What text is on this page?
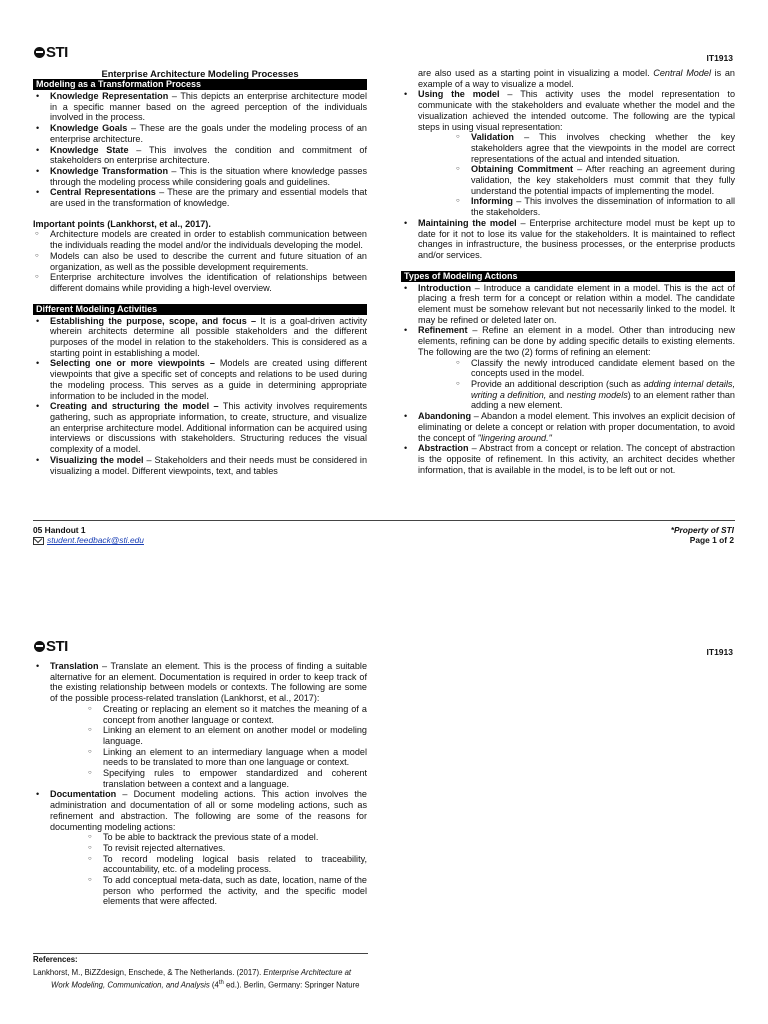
STI	IT1913
Enterprise Architecture Modeling Processes
Modeling as a Transformation Process
• Knowledge Representation – This depicts an enterprise architecture model in a specific manner based on the agreed perception of the individuals involved in the process.
• Knowledge Goals – These are the goals under the modeling process of an enterprise architecture.
• Knowledge State – This involves the condition and commitment of stakeholders on enterprise architecture.
• Knowledge Transformation – This is the situation where knowledge passes through the modeling process while considering goals and guidelines.
• Central Representations – These are the primary and essential models that are used in the transformation of knowledge.

Important points (Lankhorst, et al., 2017).

○ Architecture models are created in order to establish communication between the individuals reading the model and/or the individuals developing the model.
○ Models can also be used to describe the current and future situation of an organization, as well as the possible development requirements.
○ Enterprise architecture involves the identification of relationships between different domains while providing a high-level overview.
Different Modeling Activities
• Establishing the purpose, scope, and focus – It is a goal-driven activity wherein architects determine all possible stakeholders and the different purposes of the model in relation to the stakeholders. This is considered as a starting point in establishing a model.
• Selecting one or more viewpoints – Models are created using different viewpoints that give a specific set of concepts and relations to be used during the modeling process. This serves as a guide in determining appropriate information to be included in the model.
• Creating and structuring the model – This activity involves requirements gathering, such as appropriate information, to create, structure, and visualize an enterprise architecture model. Additional information can be acquired using interviews or discussions with stakeholders. Structuring reduces the visual complexity of a model.
• Visualizing the model – Stakeholders and their needs must be considered in visualizing a model. Different viewpoints, text, and tables

are also used as a starting point in visualizing a model. Central Model is an example of a way to visualize a model.

• Using the model – This activity uses the model representation to communicate with the stakeholders and evaluate whether the model and the visualization achieved the intended outcome. The following are the typical steps in using visual representation:
○ Validation – This involves checking whether the key stakeholders agree that the viewpoints in the model are correct representations of the actual and intended situation.
○ Obtaining Commitment – After reaching an agreement during validation, the key stakeholders must commit that they fully understand the potential impacts of implementing the model.
○ Informing – This involves the dissemination of information to all the stakeholders.
• Maintaining the model – Enterprise architecture model must be kept up to date for it not to lose its value for the stakeholders. It is maintained to reflect changes in infrastructure, the business processes, or the enterprise products and/or services.
Types of Modeling Actions
• Introduction – Introduce a candidate element in a model. This is the act of placing a fresh term for a concept or relation within a model. The candidate element must be somehow relevant but not necessarily linked to the model. It may be refined or deleted later on.
• Refinement – Refine an element in a model. Other than introducing new elements, refining can be done by adding specific details to existing elements. The following are the two (2) forms of refining an element:
○ Classify the newly introduced candidate element based on the concepts used in the model.
○ Provide an additional description (such as adding internal details, writing a definition, and nesting models) to an element rather than adding a new element.
• Abandoning – Abandon a model element. This involves an explicit decision of eliminating or delete a concept or relation with proper documentation, to avoid the concept of "lingering around."
• Abstraction – Abstract from a concept or relation. The concept of abstraction is the opposite of refinement. In this activity, an architect decides whether information, that is available in the model, is to be left out or not.
05 Handout 1
student.feedback@sti.edu
*Property of STI
Page 1 of 2
STI	IT1913
• Translation – Translate an element. This is the process of finding a suitable alternative for an element. Documentation is required in order to keep track of the existing relationship between models or contexts. The following are some of the possible process-related translation (Lankhorst, et al., 2017):
○ Creating or replacing an element so it matches the meaning of a concept from another language or context.
○ Linking an element to an element on another model or modeling language.
○ Linking an element to an intermediary language when a model needs to be translated to more than one language or context.
○ Specifying rules to empower standardized and coherent translation between a context and a language.
• Documentation – Document modeling actions. This action involves the administration and documentation of all or some modeling actions, such as refinement and abstraction. The following are some of the reasons for documenting modeling actions:
○ To be able to backtrack the previous state of a model.
○ To revisit rejected alternatives.
○ To record modeling logical basis related to traceability, accountability, etc. of a modeling process.
○ To add conceptual meta-data, such as date, location, name of the person who performed the activity, and the specific model elements that were affected.
References:
Lankhorst, M., BiZZdesign, Enschede, & The Netherlands. (2017). Enterprise Architecture at Work Modeling, Communication, and Analysis (4th ed.). Berlin, Germany: Springer Nature
